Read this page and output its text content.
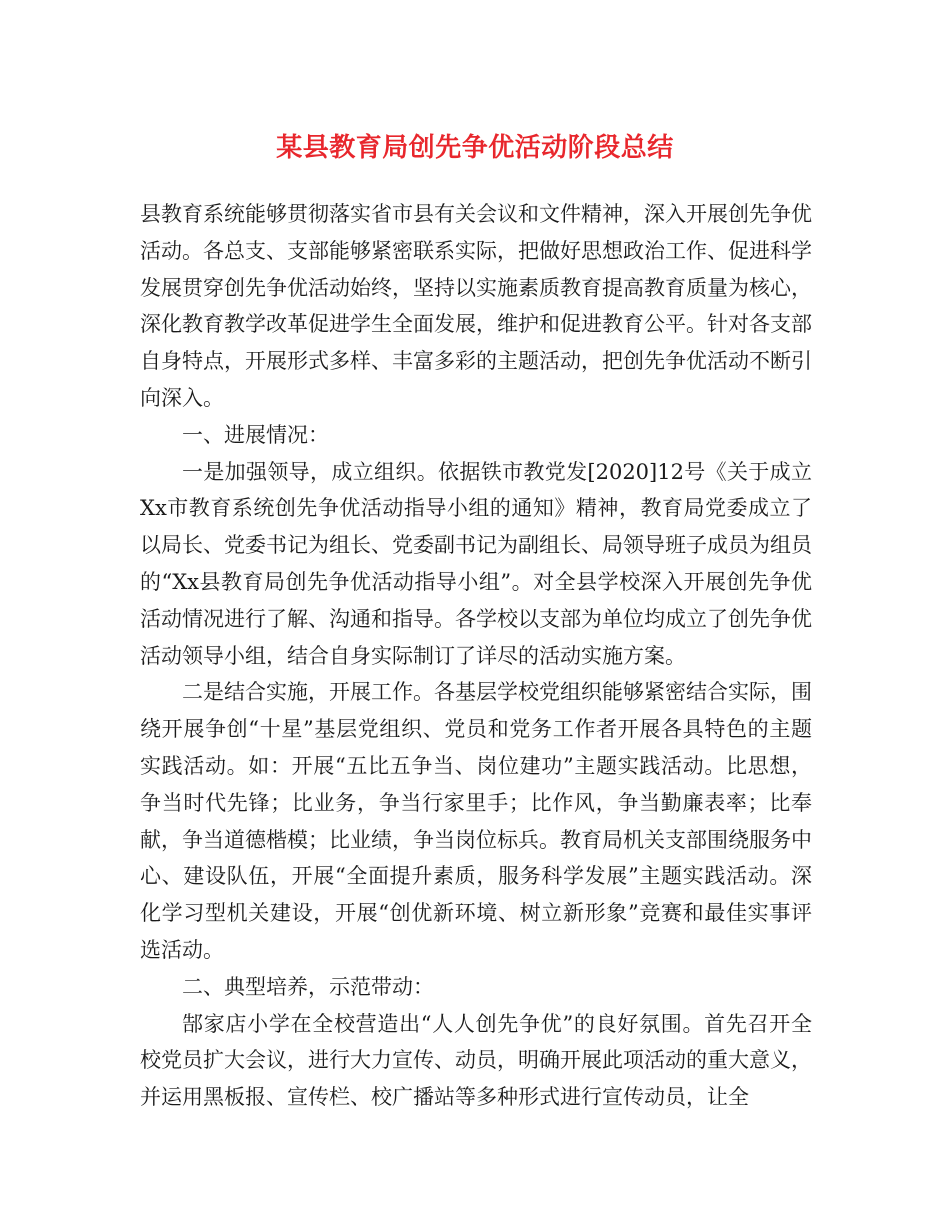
某县教育局创先争优活动阶段总结

县教育系统能够贯彻落实省市县有关会议和文件精神，深入开展创先争优活动。各总支、支部能够紧密联系实际，把做好思想政治工作、促进科学发展贯穿创先争优活动始终，坚持以实施素质教育提高教育质量为核心，深化教育教学改革促进学生全面发展，维护和促进教育公平。针对各支部自身特点，开展形式多样、丰富多彩的主题活动，把创先争优活动不断引向深入。

一、进展情况：

一是加强领导，成立组织。依据铁市教党发[2020]12号《关于成立Xx市教育系统创先争优活动指导小组的通知》精神，教育局党委成立了以局长、党委书记为组长、党委副书记为副组长、局领导班子成员为组员的“Xx县教育局创先争优活动指导小组”。对全县学校深入开展创先争优活动情况进行了解、沟通和指导。各学校以支部为单位均成立了创先争优活动领导小组，结合自身实际制订了详尽的活动实施方案。

二是结合实施，开展工作。各基层学校党组织能够紧密结合实际，围绕开展争创“十星”基层党组织、党员和党务工作者开展各具特色的主题实践活动。如：开展“五比五争当、岗位建功”主题实践活动。比思想，争当时代先锋；比业务，争当行家里手；比作风，争当勤廉表率；比奉献，争当道德楷模；比业绩，争当岗位标兵。教育局机关支部围绕服务中心、建设队伍，开展“全面提升素质，服务科学发展”主题实践活动。深化学习型机关建设，开展“创优新环境、树立新形象”竞赛和最佳实事评选活动。

二、典型培养，示范带动：

郜家店小学在全校营造出“人人创先争优”的良好氛围。首先召开全校党员扩大会议，进行大力宣传、动员，明确开展此项活动的重大意义，并运用黑板报、宣传栏、校广播站等多种形式进行宣传动员，让全
